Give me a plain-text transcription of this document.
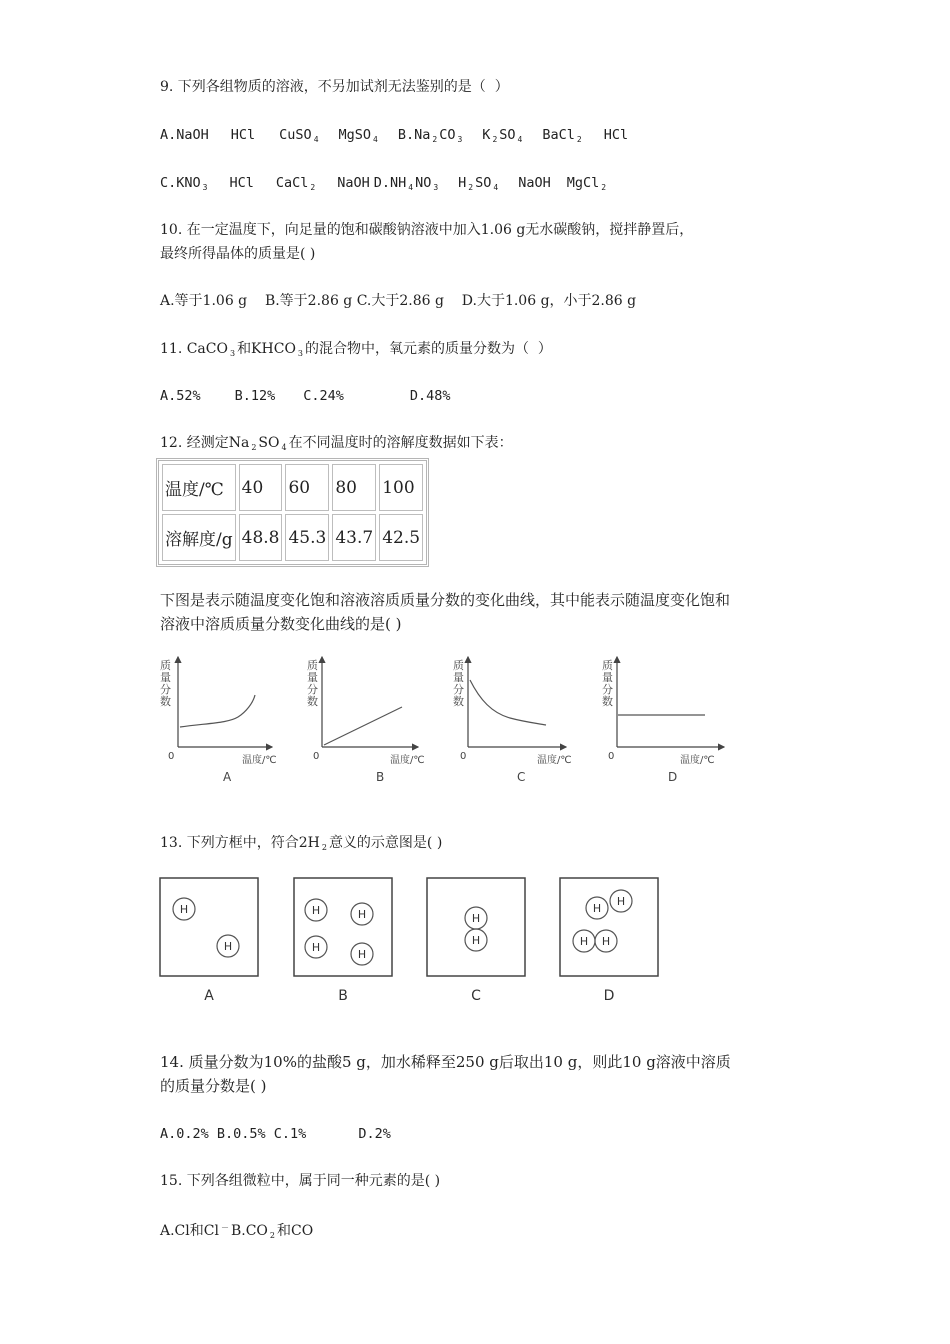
9. 下列各组物质的溶液，不另加试剂无法鉴别的是（  ）
A.NaOH HCl CuSO $_4$ MgSO $_4$ B.Na $_2$ CO $_3$ K $_2$ SO $_4$ BaCl $_2$ HCl
C.KNO $_3$ HCl CaCl $_2$ NaOH D.NH $_4$ NO $_3$ H $_2$ SO $_4$ NaOH MgCl $_2$
10. 在一定温度下，向足量的饱和碳酸钠溶液中加入1.06 g无水碳酸钠，搅拌静置后，
最终所得晶体的质量是( )
A.等于1.06 g    B.等于2.86 g C.大于2.86 g    D.大于1.06 g，小于2.86 g
11. CaCO $_3$ 和KHCO $_3$ 的混合物中，氧元素的质量分数为（  ）
A.52%	B.12% C.24%	D.48%
12. 经测定Na $_2$ SO $_4$ 在不同温度时的溶解度数据如下表：
温度/℃	40	60	80	100
溶解度/g	48.8	45.3	43.7	42.5
下图是表示随温度变化饱和溶液溶质质量分数的变化曲线，其中能表示随温度变化饱和
溶液中溶质质量分数变化曲线的是( )
质
量
分
数
0	温度/℃
A
质
量
分
数
0	温度/℃
B
质
量
分
数
0	温度/℃
C
质
量
分
数
0	温度/℃
D
13. 下列方框中，符合2H $_2$ 意义的示意图是( )
H
H
A
H	H
H
H
B
H
H
C
H
H
H H
D
14. 质量分数为10%的盐酸5 g，加水稀释至250 g后取出10 g，则此10 g溶液中溶质
的质量分数是( )
A.0.2% B.0.5% C.1%	D.2%
15. 下列各组微粒中，属于同一种元素的是( )
A.Cl和Cl － B.CO $_2$ 和CO
